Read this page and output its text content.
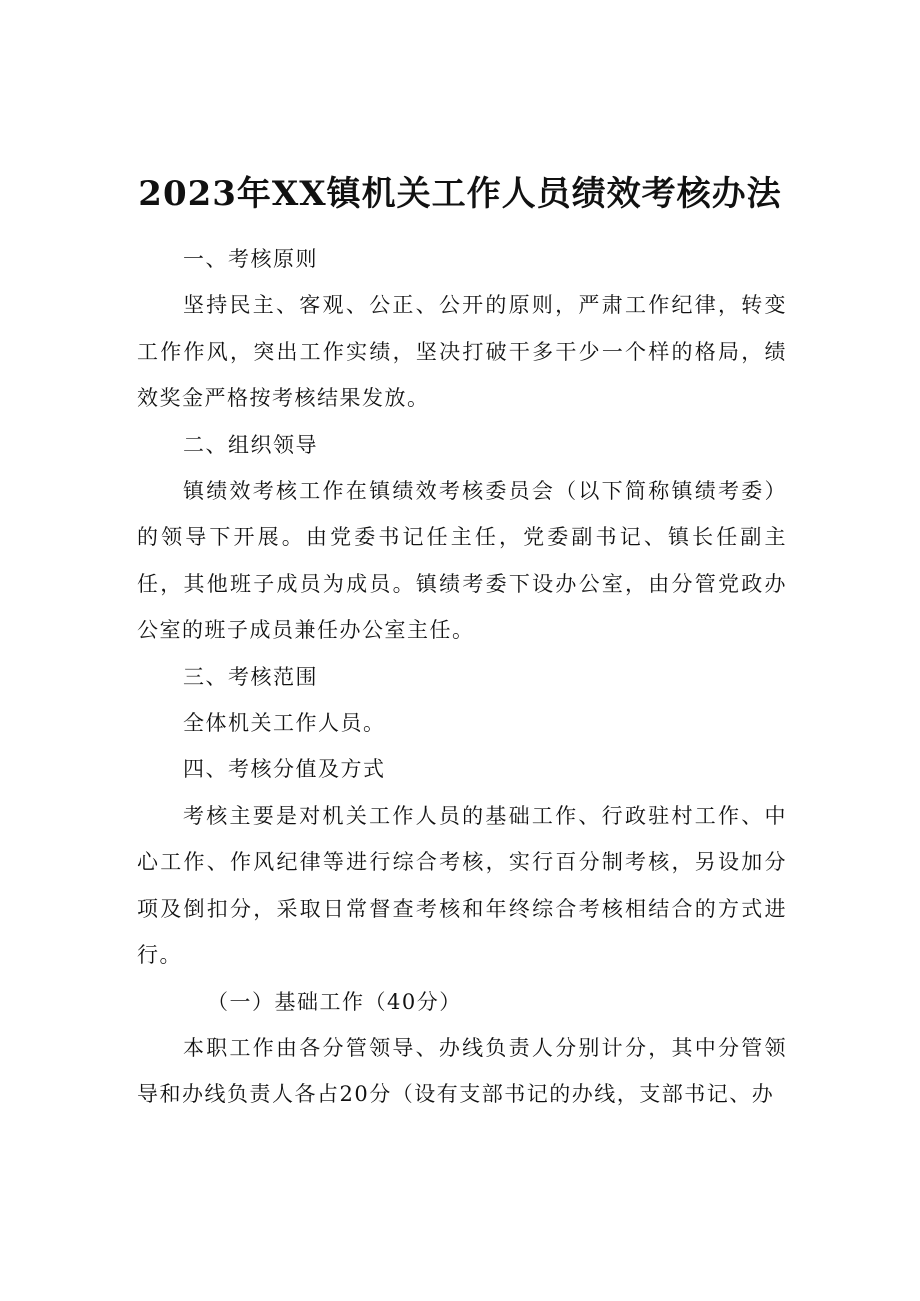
2023年XX镇机关工作人员绩效考核办法

一、考核原则

坚持民主、客观、公正、公开的原则，严肃工作纪律，转变工作作风，突出工作实绩，坚决打破干多干少一个样的格局，绩效奖金严格按考核结果发放。

二、组织领导

镇绩效考核工作在镇绩效考核委员会（以下简称镇绩考委）的领导下开展。由党委书记任主任，党委副书记、镇长任副主任，其他班子成员为成员。镇绩考委下设办公室，由分管党政办公室的班子成员兼任办公室主任。

三、考核范围

全体机关工作人员。

四、考核分值及方式

考核主要是对机关工作人员的基础工作、行政驻村工作、中心工作、作风纪律等进行综合考核，实行百分制考核，另设加分项及倒扣分，采取日常督查考核和年终综合考核相结合的方式进行。

（一）基础工作（40分）

本职工作由各分管领导、办线负责人分别计分，其中分管领导和办线负责人各占20分（设有支部书记的办线，支部书记、办
